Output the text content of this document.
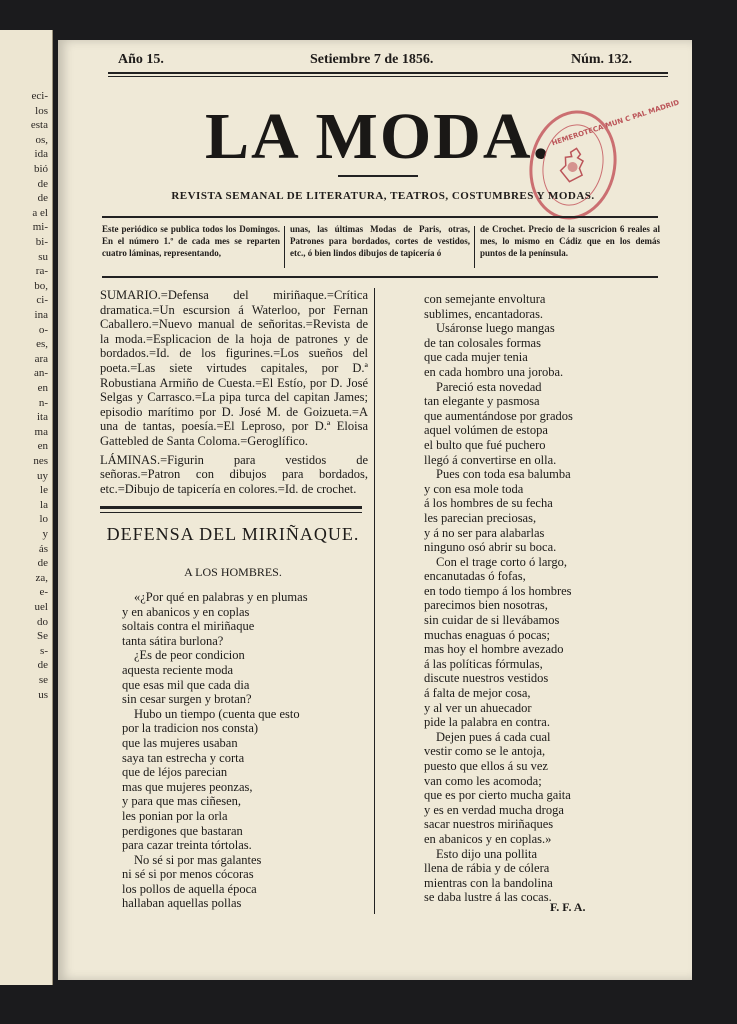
eci-
los
esta
os,
ida
bió
de
de
a el
mi-
bi-
su
ra-
bo,
ci-
ina
o-
es,
ara
an-
en
n-
ita
ma
en
nes
uy
le
la
lo
y
ás
de
za,
e-
uel
do
Se
s-
de
se
us
Año 15.	Setiembre 7 de 1856.	Núm. 132.
LA MODA. HEMEROTECA MUN C PAL MADRID
REVISTA SEMANAL DE LITERATURA, TEATROS, COSTUMBRES Y MODAS.
Este periódico se publica todos los Domingos. En el número 1.º de cada mes se reparten cuatro láminas, representando,
unas, las últimas Modas de Paris, otras, Patrones para bordados, cortes de vestidos, etc., ó bien lindos dibujos de tapicería ó
de Crochet. Precio de la suscricion 6 reales al mes, lo mismo en Cádiz que en los demás puntos de la península.

SUMARIO.=Defensa del miriñaque.=Crítica dramatica.=Un escursion á Waterloo, por Fernan Caballero.=Nuevo manual de señoritas.=Revista de la moda.=Esplicacion de la hoja de patrones y de bordados.=Id. de los figurines.=Los sueños del poeta.=Las siete virtudes capitales, por D.ª Robustiana Armiño de Cuesta.=El Estío, por D. José Selgas y Carrasco.=La pipa turca del capitan James; episodio marítimo por D. José M. de Goizueta.=A una de tantas, poesía.=El Leproso, por D.ª Eloisa Gattebled de Santa Coloma.=Geroglífico.

LÁMINAS.=Figurin para vestidos de señoras.=Patron con dibujos para bordados, etc.=Dibujo de tapicería en colores.=Id. de crochet.

DEFENSA DEL MIRIÑAQUE.
A LOS HOMBRES.

«¿Por qué en palabras y en plumas

y en abanicos y en coplas

soltais contra el miriñaque

tanta sátira burlona?

¿Es de peor condicion

aquesta reciente moda

que esas mil que cada dia

sin cesar surgen y brotan?

Hubo un tiempo (cuenta que esto

por la tradicion nos consta)

que las mujeres usaban

saya tan estrecha y corta

que de léjos parecian

mas que mujeres peonzas,

y para que mas ciñesen,

les ponian por la orla

perdigones que bastaran

para cazar treinta tórtolas.

No sé si por mas galantes

ni sé si por menos cócoras

los pollos de aquella época

hallaban aquellas pollas

con semejante envoltura

sublimes, encantadoras.

Usáronse luego mangas

de tan colosales formas

que cada mujer tenia

en cada hombro una joroba.

Pareció esta novedad

tan elegante y pasmosa

que aumentándose por grados

aquel volúmen de estopa

el bulto que fué puchero

llegó á convertirse en olla.

Pues con toda esa balumba

y con esa mole toda

á los hombres de su fecha

les parecian preciosas,

y á no ser para alabarlas

ninguno osó abrir su boca.

Con el trage corto ó largo,

encanutadas ó fofas,

en todo tiempo á los hombres

parecimos bien nosotras,

sin cuidar de si llevábamos

muchas enaguas ó pocas;

mas hoy el hombre avezado

á las políticas fórmulas,

discute nuestros vestidos

á falta de mejor cosa,

y al ver un ahuecador

pide la palabra en contra.

Dejen pues á cada cual

vestir como se le antoja,

puesto que ellos á su vez

van como les acomoda;

que es por cierto mucha gaita

y es en verdad mucha droga

sacar nuestros miriñaques

en abanicos y en coplas.»

Esto dijo una pollita

llena de rábia y de cólera

mientras con la bandolina

se daba lustre á las cocas.

F. F. A.
